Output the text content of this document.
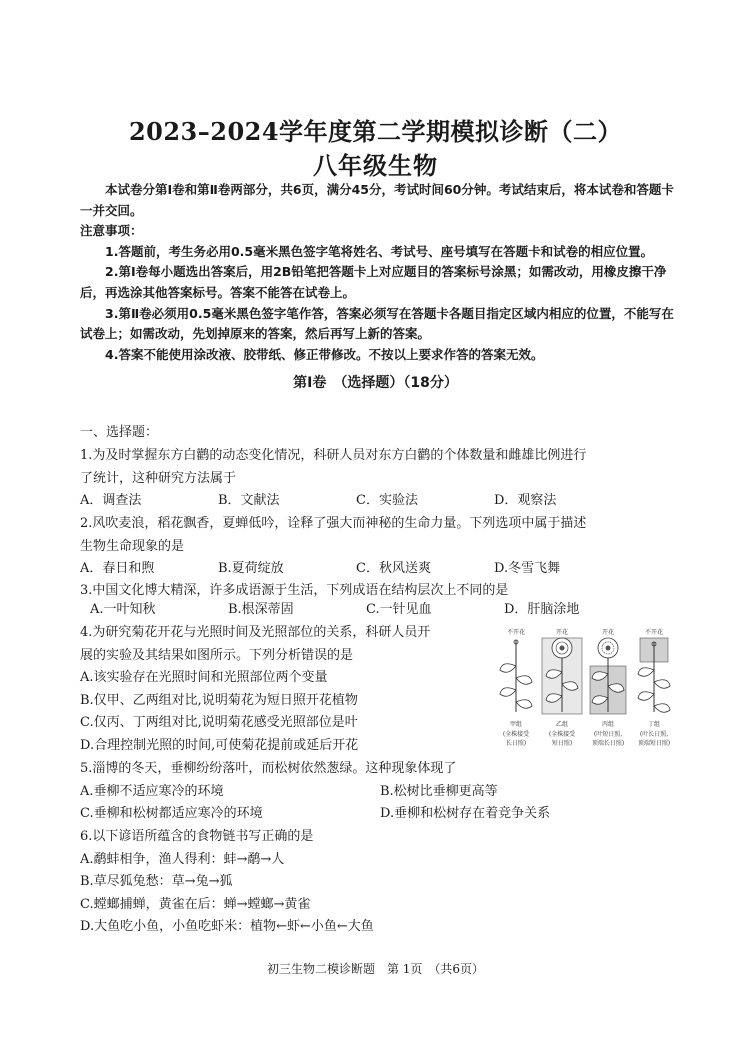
2023–2024学年度第二学期模拟诊断（二）
八年级生物

本试卷分第Ⅰ卷和第Ⅱ卷两部分，共6页，满分45分，考试时间60分钟。考试结束后，将本试卷和答题卡一并交回。

注意事项：

1.答题前，考生务必用0.5毫米黑色签字笔将姓名、考试号、座号填写在答题卡和试卷的相应位置。

2.第Ⅰ卷每小题选出答案后，用2B铅笔把答题卡上对应题目的答案标号涂黑；如需改动，用橡皮擦干净后，再选涂其他答案标号。答案不能答在试卷上。

3.第Ⅱ卷必须用0.5毫米黑色签字笔作答，答案必须写在答题卡各题目指定区域内相应的位置，不能写在试卷上；如需改动，先划掉原来的答案，然后再写上新的答案。

4.答案不能使用涂改液、胶带纸、修正带修改。不按以上要求作答的答案无效。

第Ⅰ卷　（选择题）（18分）
一、选择题：
1.为及时掌握东方白鹳的动态变化情况，科研人员对东方白鹳的个体数量和雌雄比例进行
了统计，这种研究方法属于
A．调查法	B．文献法	C．实验法	D．观察法
2.风吹麦浪，稻花飘香，夏蝉低吟，诠释了强大而神秘的生命力量。下列选项中属于描述
生物生命现象的是
A．春日和煦	B.夏荷绽放	C．秋风送爽	D.冬雪飞舞
3.中国文化博大精深，许多成语源于生活，下列成语在结构层次上不同的是
A.一叶知秋	B.根深蒂固	C.一针见血	D．肝脑涂地
4.为研究菊花开花与光照时间及光照部位的关系，科研人员开
展的实验及其结果如图所示。下列分析错误的是
A.该实验存在光照时间和光照部位两个变量
B.仅甲、乙两组对比,说明菊花为短日照开花植物
C.仅丙、丁两组对比,说明菊花感受光照部位是叶
D.合理控制光照的时间,可使菊花提前或延后开花
不开花	开花	开花	不开花
甲组	乙组	丙组	丁组
(全株接受	(全株接受	(叶短日照,	(叶长日照,
长日照)	短日照)	顶端长日照) 顶端短日照)
5.淄博的冬天，垂柳纷纷落叶，而松树依然葱绿。这种现象体现了
A.垂柳不适应寒冷的环境	B.松树比垂柳更高等
C.垂柳和松树都适应寒冷的环境	D.垂柳和松树存在着竞争关系
6.以下谚语所蕴含的食物链书写正确的是
A.鹬蚌相争，渔人得利：蚌→鹬→人
B.草尽狐兔愁：草→兔→狐
C.螳螂捕蝉，黄雀在后：蝉→螳螂→黄雀
D.大鱼吃小鱼，小鱼吃虾米：植物←虾←小鱼←大鱼
初三生物二模诊断题　第 1页　（共6页）
